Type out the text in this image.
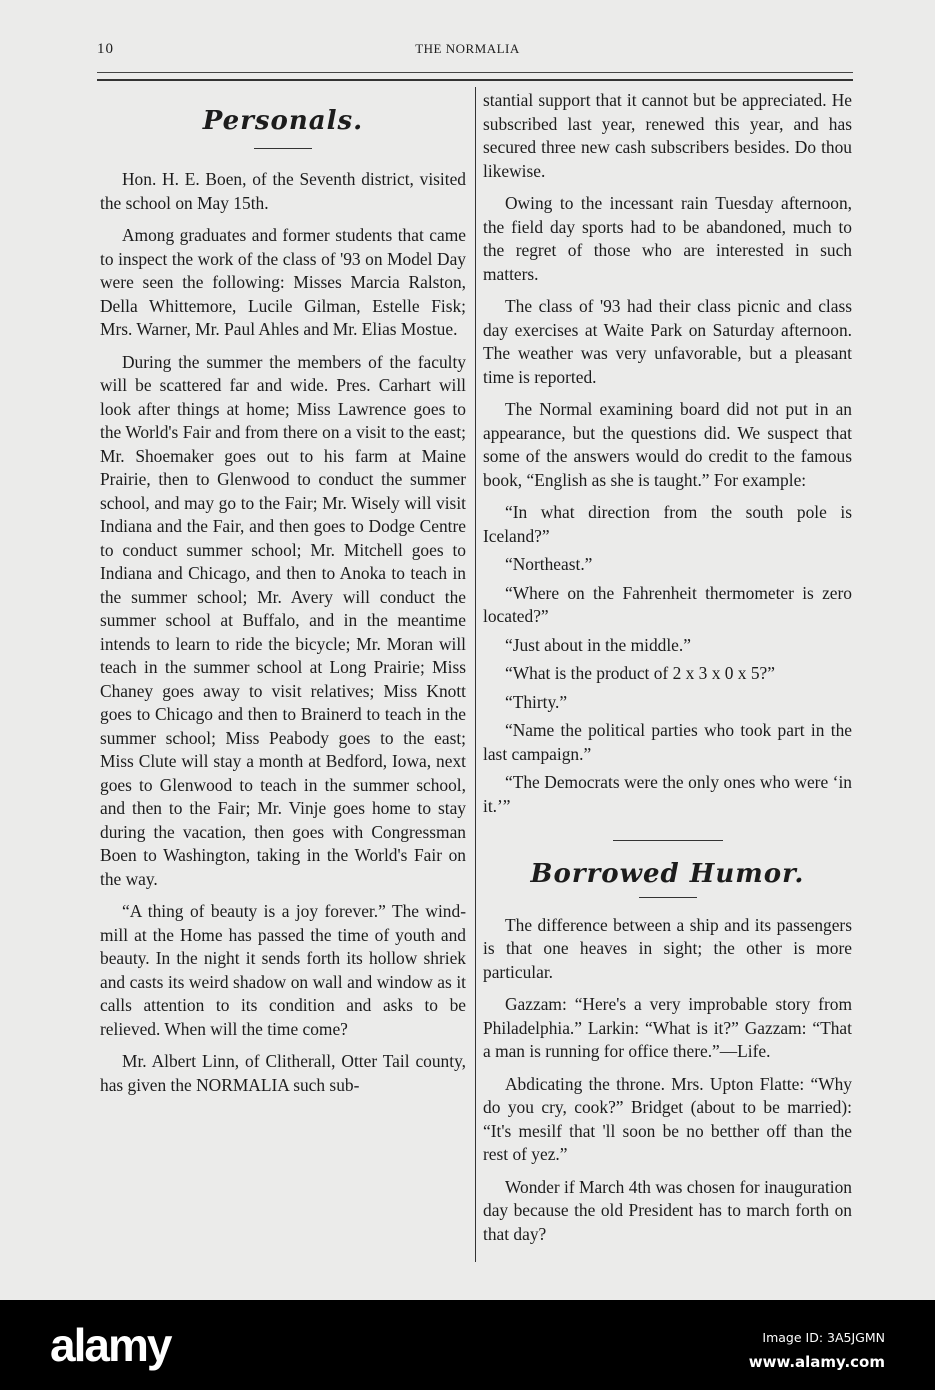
10	THE NORMALIA
Personals.

Hon. H. E. Boen, of the Seventh district, visited the school on May 15th.

Among graduates and former students that came to inspect the work of the class of '93 on Model Day were seen the following: Misses Marcia Ralston, Della Whittemore, Lucile Gilman, Estelle Fisk; Mrs. Warner, Mr. Paul Ahles and Mr. Elias Mostue.

During the summer the members of the faculty will be scattered far and wide. Pres. Carhart will look after things at home; Miss Lawrence goes to the World's Fair and from there on a visit to the east; Mr. Shoemaker goes out to his farm at Maine Prairie, then to Glenwood to conduct the summer school, and may go to the Fair; Mr. Wisely will visit Indiana and the Fair, and then goes to Dodge Centre to conduct summer school; Mr. Mitchell goes to Indiana and Chicago, and then to Anoka to teach in the summer school; Mr. Avery will conduct the summer school at Buffalo, and in the meantime intends to learn to ride the bicycle; Mr. Moran will teach in the summer school at Long Prairie; Miss Chaney goes away to visit relatives; Miss Knott goes to Chicago and then to Brainerd to teach in the summer school; Miss Peabody goes to the east; Miss Clute will stay a month at Bedford, Iowa, next goes to Glenwood to teach in the summer school, and then to the Fair; Mr. Vinje goes home to stay during the vacation, then goes with Congressman Boen to Washington, taking in the World's Fair on the way.

“A thing of beauty is a joy forever.” The wind-mill at the Home has passed the time of youth and beauty. In the night it sends forth its hollow shriek and casts its weird shadow on wall and window as it calls attention to its condition and asks to be relieved. When will the time come?

Mr. Albert Linn, of Clitherall, Otter Tail county, has given the NORMALIA such sub-

stantial support that it cannot but be appreciated. He subscribed last year, renewed this year, and has secured three new cash subscribers besides. Do thou likewise.

Owing to the incessant rain Tuesday afternoon, the field day sports had to be abandoned, much to the regret of those who are interested in such matters.

The class of '93 had their class picnic and class day exercises at Waite Park on Saturday afternoon. The weather was very unfavorable, but a pleasant time is reported.

The Normal examining board did not put in an appearance, but the questions did. We suspect that some of the answers would do credit to the famous book, “English as she is taught.” For example:

“In what direction from the south pole is Iceland?”

“Northeast.”

“Where on the Fahrenheit thermometer is zero located?”

“Just about in the middle.”

“What is the product of 2 x 3 x 0 x 5?”

“Thirty.”

“Name the political parties who took part in the last campaign.”

“The Democrats were the only ones who were ‘in it.’”

Borrowed Humor.

The difference between a ship and its passengers is that one heaves in sight; the other is more particular.

Gazzam: “Here's a very improbable story from Philadelphia.” Larkin: “What is it?” Gazzam: “That a man is running for office there.”—Life.

Abdicating the throne. Mrs. Upton Flatte: “Why do you cry, cook?” Bridget (about to be married): “It's mesilf that 'll soon be no betther off than the rest of yez.”

Wonder if March 4th was chosen for inauguration day because the old President has to march forth on that day?

alamy	Image ID: 3A5JGMN
www.alamy.com
